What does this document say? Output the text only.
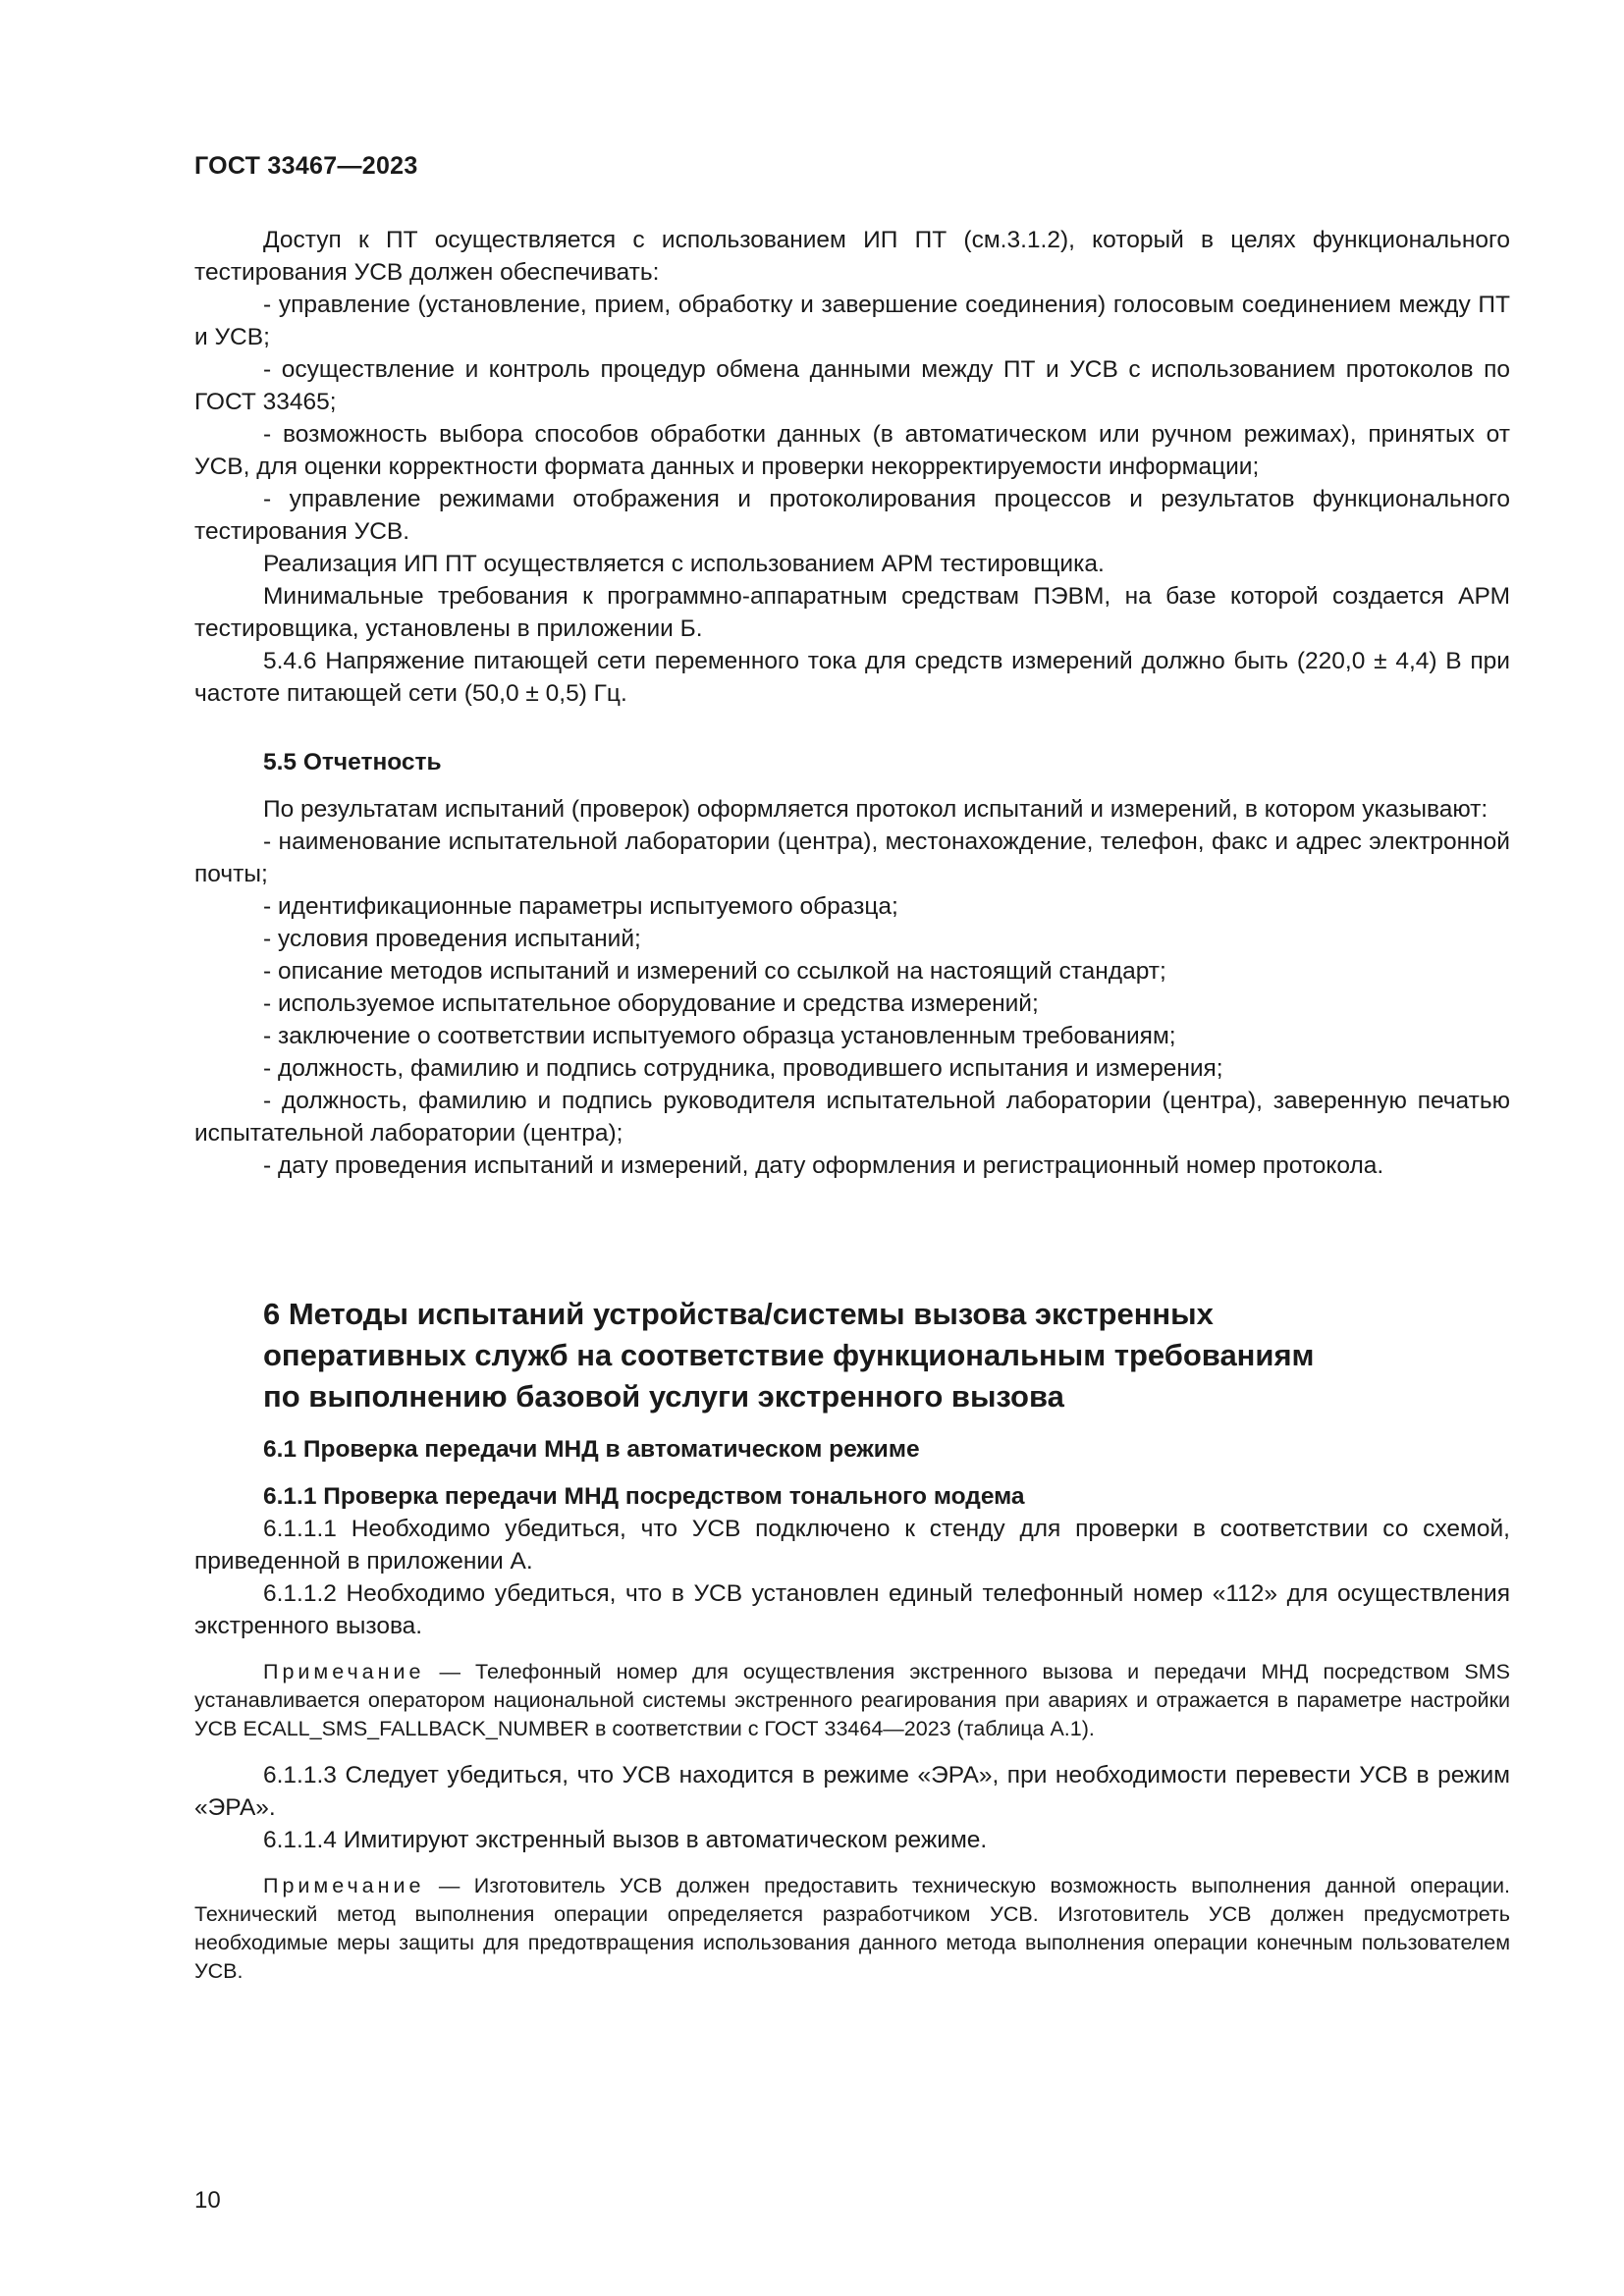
ГОСТ 33467—2023

Доступ к ПТ осуществляется с использованием ИП ПТ (см.3.1.2), который в целях функционального тестирования УСВ должен обеспечивать:

- управление (установление, прием, обработку и завершение соединения) голосовым соединением между ПТ и УСВ;

- осуществление и контроль процедур обмена данными между ПТ и УСВ с использованием протоколов по ГОСТ 33465;

- возможность выбора способов обработки данных (в автоматическом или ручном режимах), принятых от УСВ, для оценки корректности формата данных и проверки некорректируемости информации;

- управление режимами отображения и протоколирования процессов и результатов функционального тестирования УСВ.

Реализация ИП ПТ осуществляется с использованием АРМ тестировщика.

Минимальные требования к программно-аппаратным средствам ПЭВМ, на базе которой создается АРМ тестировщика, установлены в приложении Б.

5.4.6 Напряжение питающей сети переменного тока для средств измерений должно быть (220,0 ± 4,4) В при частоте питающей сети (50,0 ± 0,5) Гц.

5.5 Отчетность

По результатам испытаний (проверок) оформляется протокол испытаний и измерений, в котором указывают:

- наименование испытательной лаборатории (центра), местонахождение, телефон, факс и адрес электронной почты;

- идентификационные параметры испытуемого образца;

- условия проведения испытаний;

- описание методов испытаний и измерений со ссылкой на настоящий стандарт;

- используемое испытательное оборудование и средства измерений;

- заключение о соответствии испытуемого образца установленным требованиям;

- должность, фамилию и подпись сотрудника, проводившего испытания и измерения;

- должность, фамилию и подпись руководителя испытательной лаборатории (центра), заверенную печатью испытательной лаборатории (центра);

- дату проведения испытаний и измерений, дату оформления и регистрационный номер протокола.

6 Методы испытаний устройства/системы вызова экстренных

оперативных служб на соответствие функциональным требованиям

по выполнению базовой услуги экстренного вызова

6.1 Проверка передачи МНД в автоматическом режиме

6.1.1 Проверка передачи МНД посредством тонального модема

6.1.1.1 Необходимо убедиться, что УСВ подключено к стенду для проверки в соответствии со схемой, приведенной в приложении А.

6.1.1.2 Необходимо убедиться, что в УСВ установлен единый телефонный номер «112» для осуществления экстренного вызова.

Примечание — Телефонный номер для осуществления экстренного вызова и передачи МНД посредством SMS устанавливается оператором национальной системы экстренного реагирования при авариях и отражается в параметре настройки УСВ ECALL_SMS_FALLBACK_NUMBER в соответствии с ГОСТ 33464—2023 (таблица А.1).

6.1.1.3 Следует убедиться, что УСВ находится в режиме «ЭРА», при необходимости перевести УСВ в режим «ЭРА».

6.1.1.4 Имитируют экстренный вызов в автоматическом режиме.

Примечание — Изготовитель УСВ должен предоставить техническую возможность выполнения данной операции. Технический метод выполнения операции определяется разработчиком УСВ. Изготовитель УСВ должен предусмотреть необходимые меры защиты для предотвращения использования данного метода выполнения операции конечным пользователем УСВ.

10
